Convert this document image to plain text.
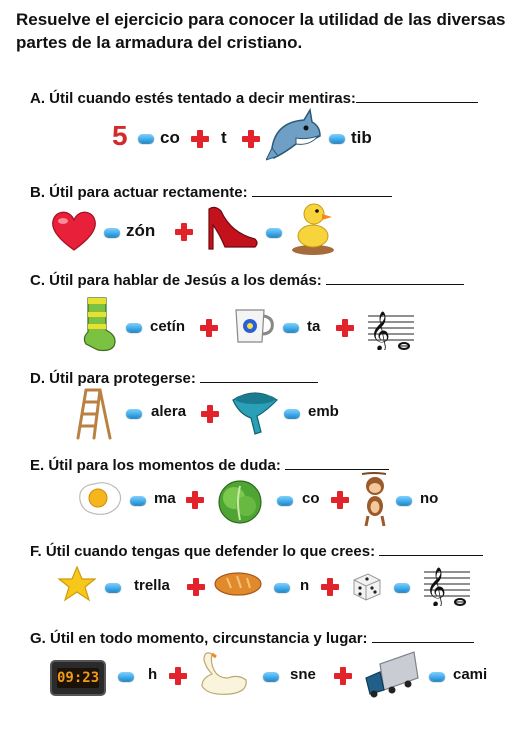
Resuelve el ejercicio para conocer la utilidad de las diversas partes de la armadura del cristiano.
A. Útil cuando estés tentado a decir mentiras:
5 co t	tib
B. Útil para actuar rectamente:
zón
C. Útil para hablar de Jesús a los demás:
cetín	ta 𝄞
D. Útil para protegerse:
alera	emb
E. Útil para los momentos de duda:
ma	co	no
F. Útil cuando tengas que defender lo que crees:
trella	n	𝄞
G. Útil en todo momento, circunstancia y lugar:
09:23	h	sne	cami
